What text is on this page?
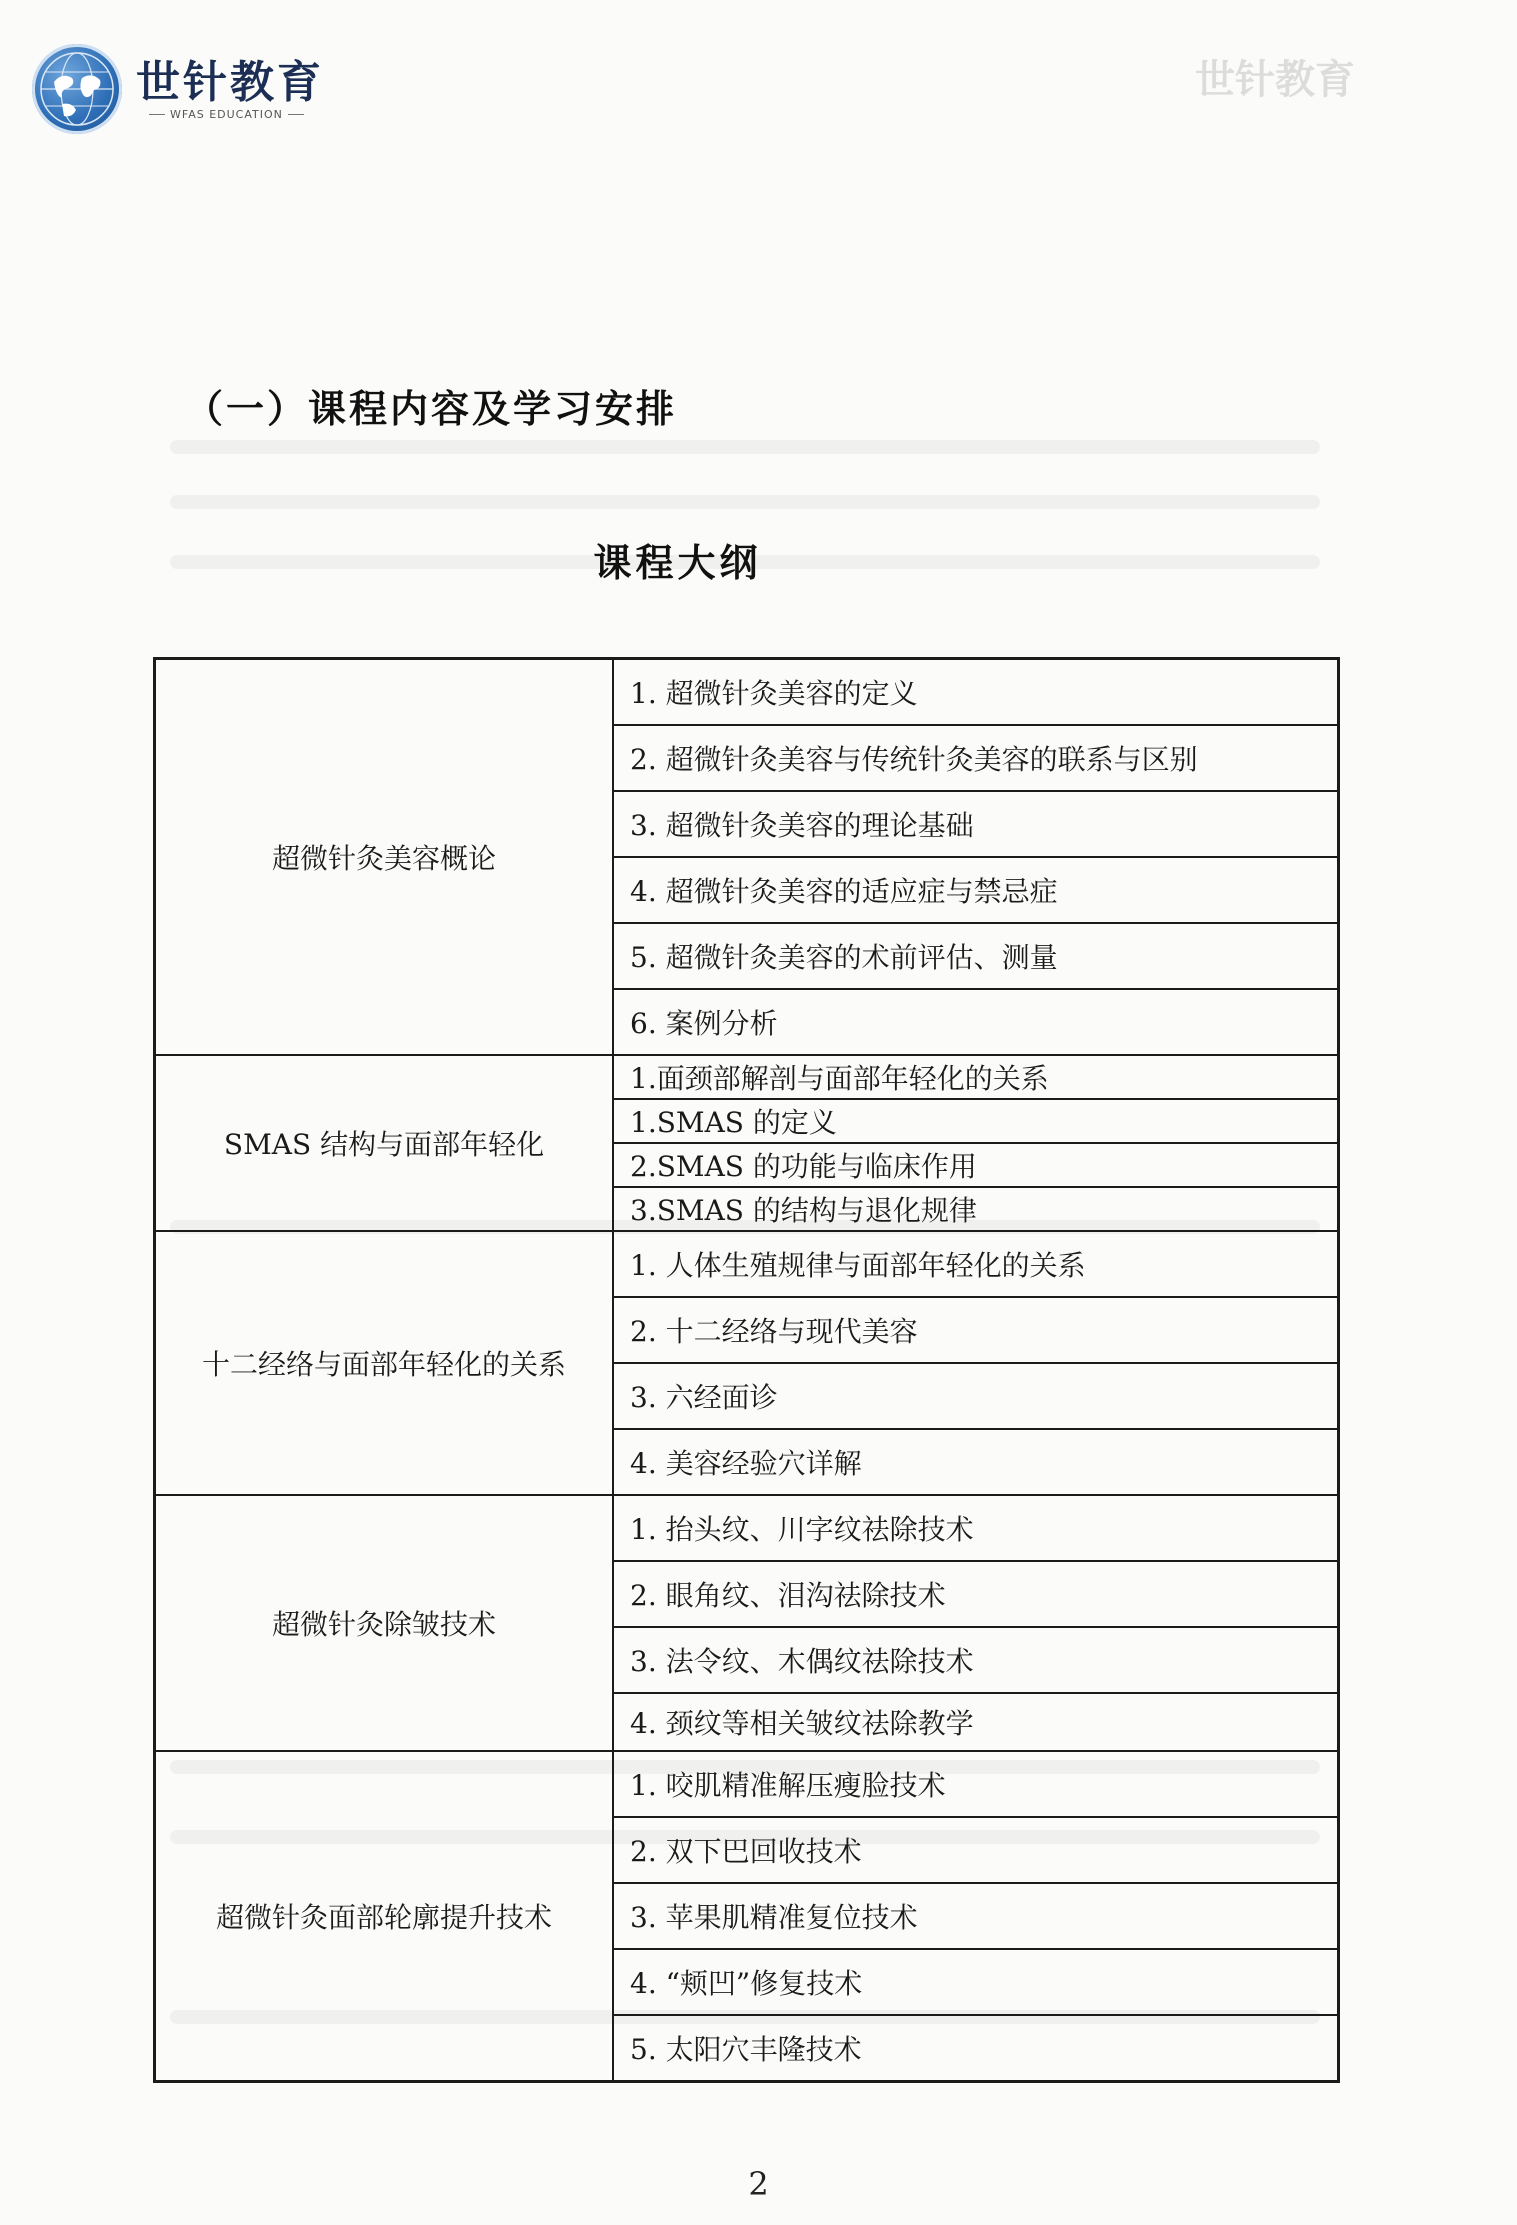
世针教育
世针教育
WFAS EDUCATION
（一）课程内容及学习安排
课程大纲
超微针灸美容概论	1. 超微针灸美容的定义
	2. 超微针灸美容与传统针灸美容的联系与区别
	3. 超微针灸美容的理论基础
	4. 超微针灸美容的适应症与禁忌症
	5. 超微针灸美容的术前评估、测量
	6. 案例分析
SMAS 结构与面部年轻化	1.面颈部解剖与面部年轻化的关系
	1.SMAS 的定义
	2.SMAS 的功能与临床作用
	3.SMAS 的结构与退化规律
十二经络与面部年轻化的关系	1. 人体生殖规律与面部年轻化的关系
	2. 十二经络与现代美容
	3. 六经面诊
	4. 美容经验穴详解
超微针灸除皱技术	1. 抬头纹、川字纹祛除技术
	2. 眼角纹、泪沟祛除技术
	3. 法令纹、木偶纹祛除技术
	4. 颈纹等相关皱纹祛除教学
超微针灸面部轮廓提升技术	1. 咬肌精准解压瘦脸技术
	2. 双下巴回收技术
	3. 苹果肌精准复位技术
	4. “颊凹”修复技术
	5. 太阳穴丰隆技术
2
